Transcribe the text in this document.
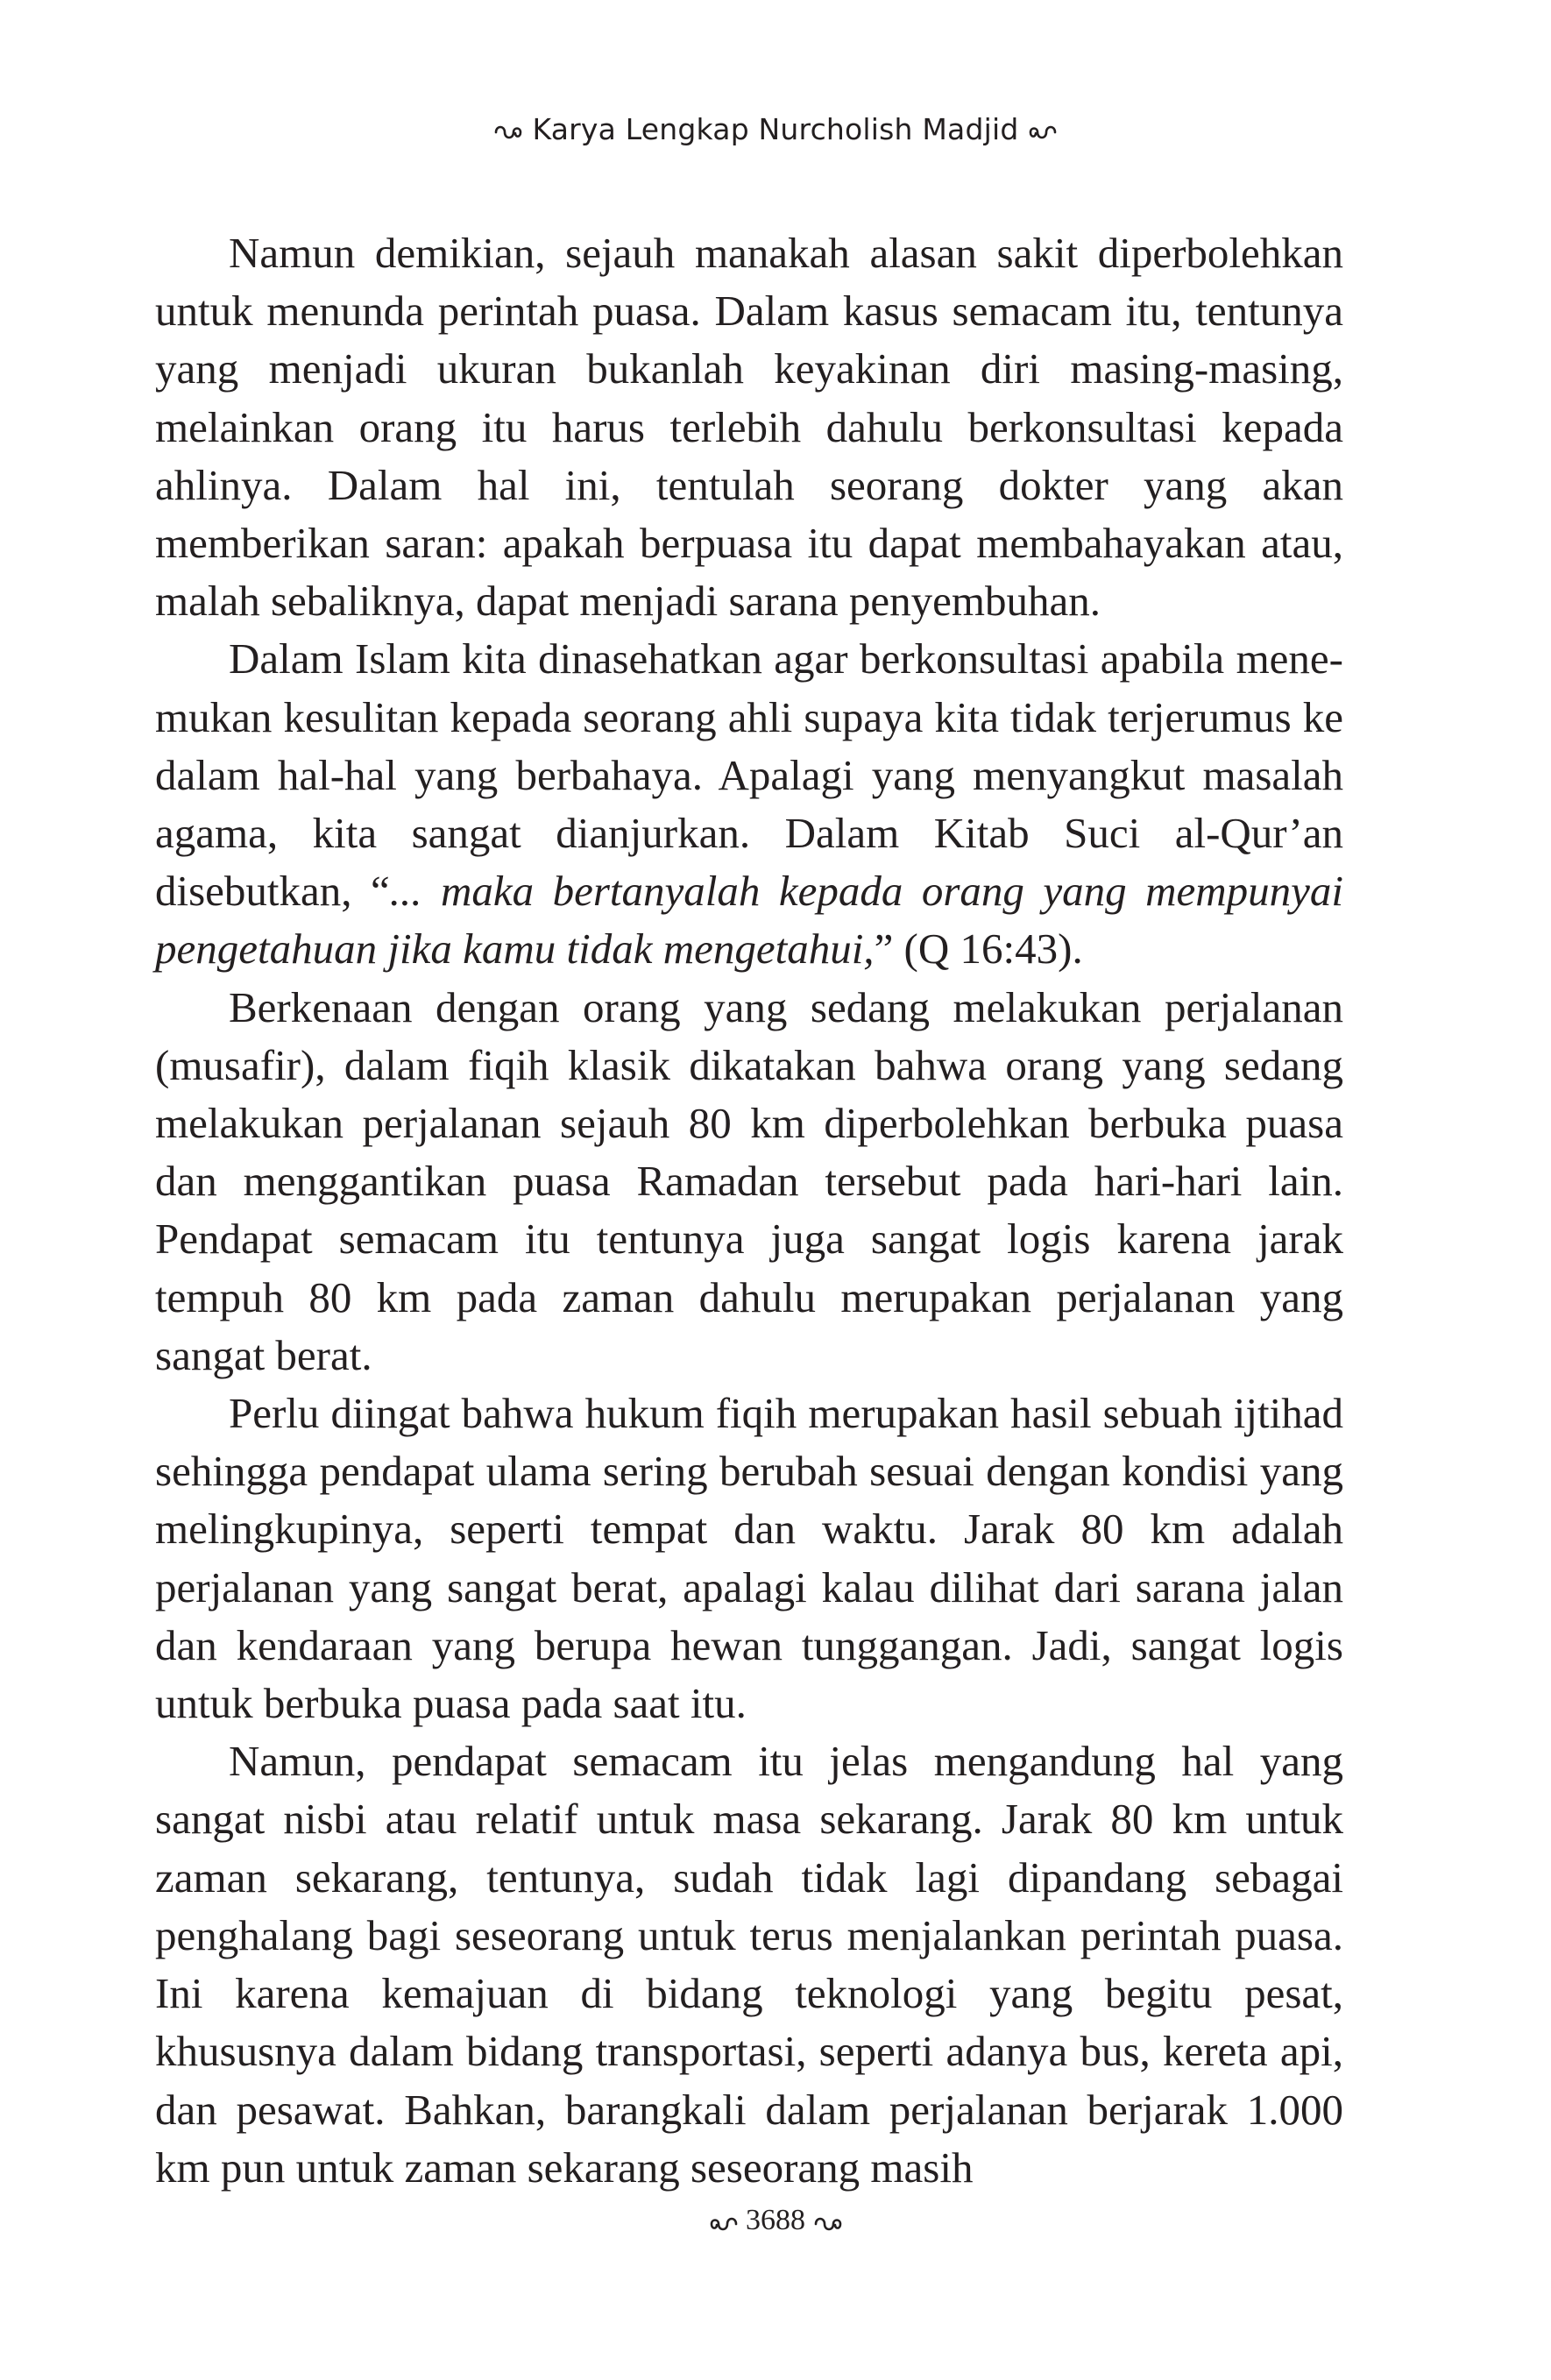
Karya Lengkap Nurcholish Madjid

Namun demikian, sejauh manakah alasan sakit diperbolehkan untuk menunda perintah puasa. Dalam kasus semacam itu, tentunya yang menjadi ukuran bukanlah keyakinan diri masing-masing, melainkan orang itu harus terlebih dahulu berkonsultasi kepada ahlinya. Dalam hal ini, tentulah seorang dokter yang akan memberikan saran: apakah berpuasa itu dapat membahayakan atau, malah sebaliknya, dapat menjadi sarana penyembuhan.

Dalam Islam kita dinasehatkan agar berkonsultasi apabila mene-mukan kesulitan kepada seorang ahli supaya kita tidak terjerumus ke dalam hal-hal yang berbahaya. Apalagi yang menyangkut masalah agama, kita sangat dianjurkan. Dalam Kitab Suci al-Qur’an disebutkan, “... maka bertanyalah kepada orang yang mempunyai pengetahuan jika kamu tidak mengetahui,” (Q 16:43).

Berkenaan dengan orang yang sedang melakukan perjalanan (musafir), dalam fiqih klasik dikatakan bahwa orang yang sedang melakukan perjalanan sejauh 80 km diperbolehkan berbuka puasa dan menggantikan puasa Ramadan tersebut pada hari-hari lain. Pendapat semacam itu tentunya juga sangat logis karena jarak tempuh 80 km pada zaman dahulu merupakan perjalanan yang sangat berat.

Perlu diingat bahwa hukum fiqih merupakan hasil sebuah ijtihad sehingga pendapat ulama sering berubah sesuai dengan kondisi yang melingkupinya, seperti tempat dan waktu. Jarak 80 km adalah perjalanan yang sangat berat, apalagi kalau dilihat dari sarana jalan dan kendaraan yang berupa hewan tunggangan. Jadi, sangat logis untuk berbuka puasa pada saat itu.

Namun, pendapat semacam itu jelas mengandung hal yang sangat nisbi atau relatif untuk masa sekarang. Jarak 80 km untuk zaman sekarang, tentunya, sudah tidak lagi dipandang sebagai penghalang bagi seseorang untuk terus menjalankan perintah puasa. Ini karena kemajuan di bidang teknologi yang begitu pesat, khususnya dalam bidang transportasi, seperti adanya bus, kereta api, dan pesawat. Bahkan, barangkali dalam perjalanan berjarak 1.000 km pun untuk zaman sekarang seseorang masih

3688
